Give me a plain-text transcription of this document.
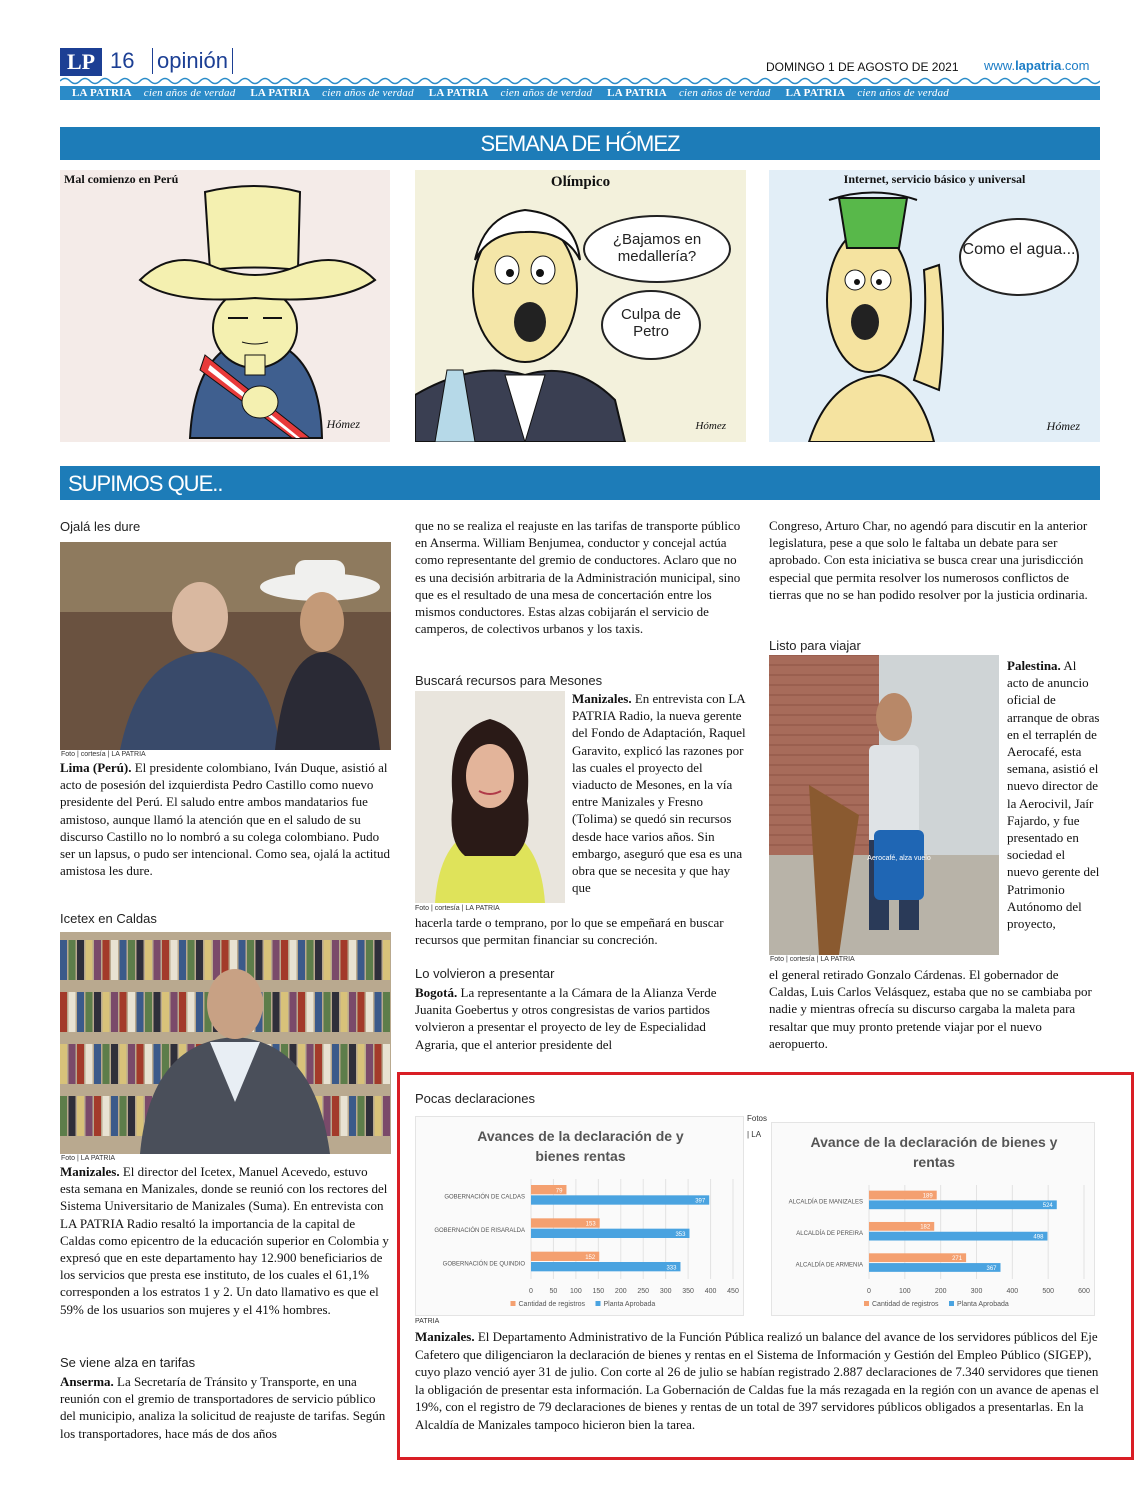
LP 16 opinión	DOMINGO 1 DE AGOSTO DE 2021 www.lapatria.com
LA PATRIA cien años de verdad LA PATRIA cien años de verdad LA PATRIA cien años de verdad LA PATRIA cien años de verdad LA PATRIA cien años de verdad
SEMANA DE HÓMEZ
Mal comienzo en Perú
Hómez
Olímpico
¿Bajamos en medallería?
Culpa de Petro
Hómez
Internet, servicio básico y universal
Como el agua...
Hómez
SUPIMOS QUE..
Ojalá les dure
Foto | cortesía | LA PATRIA
Lima (Perú). El presidente colombiano, Iván Duque, asistió al acto de posesión del izquierdista Pedro Castillo como nuevo presidente del Perú. El saludo entre ambos mandatarios fue amistoso, aunque llamó la atención que en el saludo de su discurso Castillo no lo nombró a su colega colombiano. Pudo ser un lapsus, o pudo ser intencional. Como sea, ojalá la actitud amistosa les dure.
Icetex en Caldas
Foto | LA PATRIA
Manizales. El director del Icetex, Manuel Acevedo, estuvo esta semana en Manizales, donde se reunió con los rectores del Sistema Universitario de Manizales (Suma). En entrevista con LA PATRIA Radio resaltó la importancia de la capital de Caldas como epicentro de la educación superior en Colombia y expresó que en este departamento hay 12.900 beneficiarios de los servicios que presta ese instituto, de los cuales el 61,1% corresponden a los estratos 1 y 2. Un dato llamativo es que el 59% de los usuarios son mujeres y el 41% hombres.
Se viene alza en tarifas
Anserma. La Secretaría de Tránsito y Transporte, en una reunión con el gremio de transportadores de servicio público del municipio, analiza la solicitud de reajuste de tarifas. Según los transportadores, hace más de dos años
que no se realiza el reajuste en las tarifas de transporte público en Anserma. William Benjumea, conductor y concejal actúa como representante del gremio de conductores. Aclaro que no es una decisión arbitraria de la Administración municipal, sino que es el resultado de una mesa de concertación entre los mismos conductores. Estas alzas cobijarán el servicio de camperos, de colectivos urbanos y los taxis.
Buscará recursos para Mesones
Foto | cortesía | LA PATRIA
Manizales. En entrevista con LA PATRIA Radio, la nueva gerente del Fondo de Adaptación, Raquel Garavito, explicó las razones por las cuales el proyecto del viaducto de Mesones, en la vía entre Manizales y Fresno (Tolima) se quedó sin recursos desde hace varios años. Sin embargo, aseguró que esa es una obra que se necesita y que hay que
hacerla tarde o temprano, por lo que se empeñará en buscar recursos que permitan financiar su concreción.
Lo volvieron a presentar
Bogotá. La representante a la Cámara de la Alianza Verde Juanita Goebertus y otros congresistas de varios partidos volvieron a presentar el proyecto de ley de Especialidad Agraria, que el anterior presidente del
Congreso, Arturo Char, no agendó para discutir en la anterior legislatura, pese a que solo le faltaba un debate para ser aprobado. Con esta iniciativa se busca crear una jurisdicción especial que permita resolver los numerosos conflictos de tierras que no se han podido resolver por la justicia ordinaria.
Listo para viajar
Aerocafé, alza vuelo
Foto | cortesía | LA PATRIA
Palestina. Al acto de anuncio oficial de arranque de obras en el terraplén de Aerocafé, esta semana, asistió el nuevo director de la Aerocivil, Jaír Fajardo, y fue presentado en sociedad el nuevo gerente del Patrimonio Autónomo del proyecto,
el general retirado Gonzalo Cárdenas. El gobernador de Caldas, Luis Carlos Velásquez, estaba que no se cambiaba por nadie y mientras ofrecía su discurso cargaba la maleta para resaltar que muy pronto pretende viajar por el nuevo aeropuerto.
Pocas declaraciones
Fotos
| LA
Avances de la declaración de y
bienes rentas
0 50 100 150 200 250 300 350 400 450
GOBERNACIÓN DE CALDAS
79
397
GOBERNACIÓN DE RISARALDA
153
353
GOBERNACIÓN DE QUINDIO
152
333
Cantidad de registros	Planta Aprobada
Avance de la declaración de bienes y
rentas
0	100	200	300	400	500	600
ALCALDÍA DE MANIZALES
189
524
ALCALDÍA DE PEREIRA
182
498
ALCALDÍA DE ARMENIA
271
367
Cantidad de registros	Planta Aprobada
PATRIA
Manizales. El Departamento Administrativo de la Función Pública realizó un balance del avance de los servidores públicos del Eje Cafetero que diligenciaron la declaración de bienes y rentas en el Sistema de Información y Gestión del Empleo Público (SIGEP), cuyo plazo venció ayer 31 de julio. Con corte al 26 de julio se habían registrado 2.887 declaraciones de 7.340 servidores que tienen la obligación de presentar esta información. La Gobernación de Caldas fue la más rezagada en la región con un avance de apenas el 19%, con el registro de 79 declaraciones de bienes y rentas de un total de 397 servidores públicos obligados a presentarlas. En la Alcaldía de Manizales tampoco hicieron bien la tarea.
